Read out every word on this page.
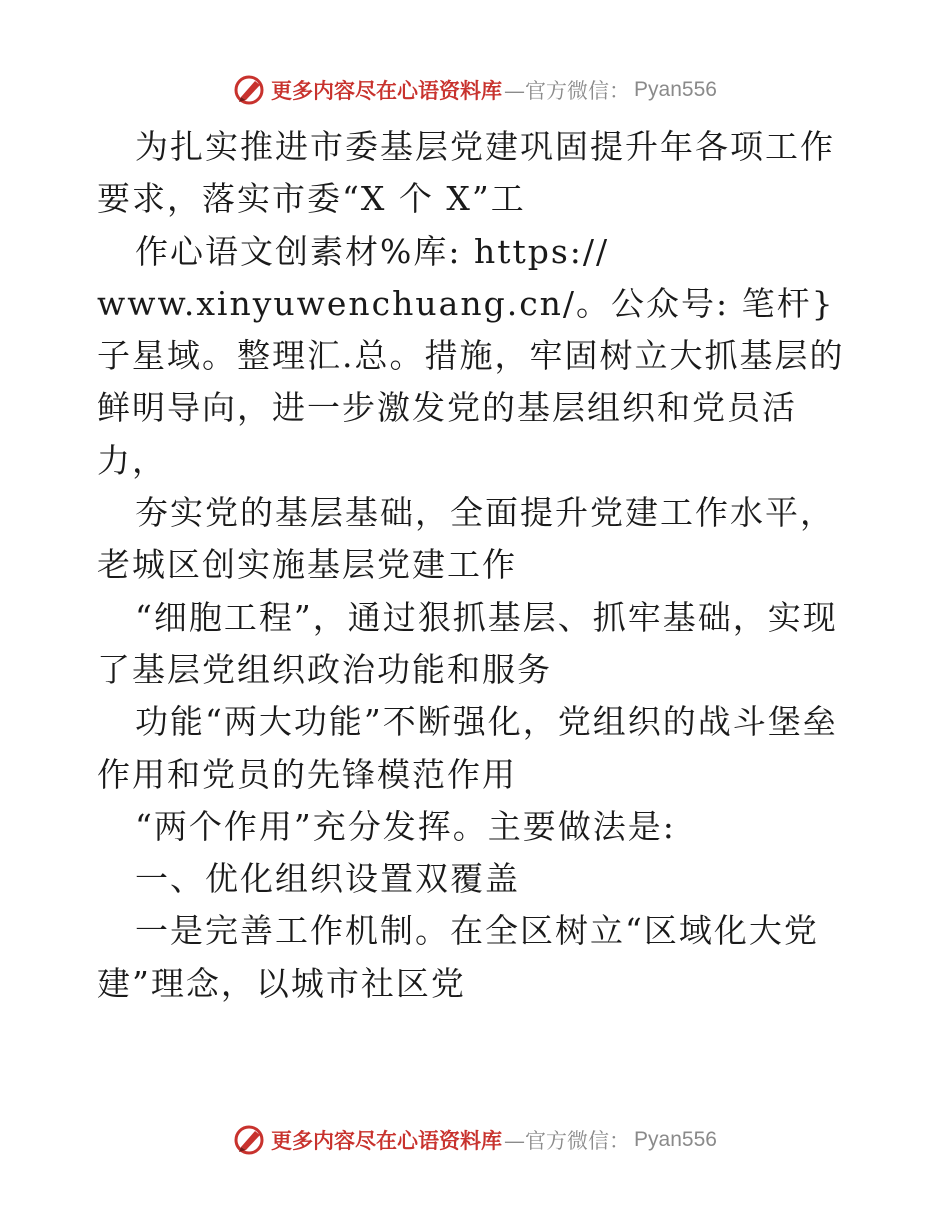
更多内容尽在心语资料库 —官方微信： Pyan556

为扎实推进市委基层党建巩固提升年各项工作要求，落实市委“X 个 X”工

作心语文创素材%库: https://

www.xinyuwenchuang.cn/。公众号: 笔杆}子星域。整理汇.总。措施，牢固树立大抓基层的鲜明导向，进一步激发党的基层组织和党员活力，

夯实党的基层基础，全面提升党建工作水平，老城区创实施基层党建工作

“细胞工程”，通过狠抓基层、抓牢基础，实现了基层党组织政治功能和服务

功能“两大功能”不断强化，党组织的战斗堡垒作用和党员的先锋模范作用

“两个作用”充分发挥。主要做法是:

一、优化组织设置双覆盖

一是完善工作机制。在全区树立“区域化大党建”理念，以城市社区党

更多内容尽在心语资料库 —官方微信： Pyan556
